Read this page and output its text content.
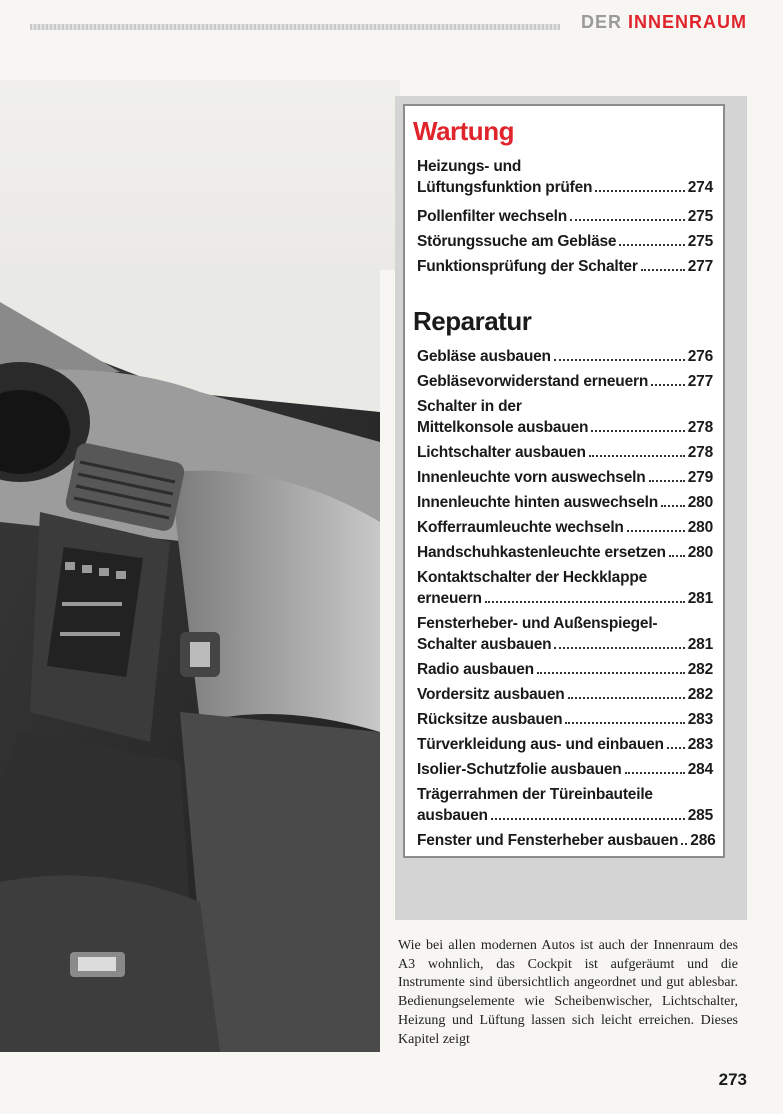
DER INNENRAUM
Wartung
Heizungs- und
Lüftungsfunktion prüfen	274
Pollenfilter wechseln	275
Störungssuche am Gebläse	275
Funktionsprüfung der Schalter	277
Reparatur
Gebläse ausbauen	276
Gebläsevorwiderstand erneuern	277
Schalter in der
Mittelkonsole ausbauen	278
Lichtschalter ausbauen	278
Innenleuchte vorn auswechseln	279
Innenleuchte hinten auswechseln 280
Kofferraumleuchte wechseln	280
Handschuhkastenleuchte ersetzen 280
Kontaktschalter der Heckklappe
erneuern	281
Fensterheber- und Außenspiegel-
Schalter ausbauen	281
Radio ausbauen	282
Vordersitz ausbauen	282
Rücksitze ausbauen	283
Türverkleidung aus- und einbauen 283
Isolier-Schutzfolie ausbauen	284
Trägerrahmen der Türeinbauteile
ausbauen	285
Fenster und Fensterheber ausbauen 286

Wie bei allen modernen Autos ist auch der Innenraum des A3 wohnlich, das Cockpit ist aufgeräumt und die Instrumente sind übersichtlich angeordnet und gut ablesbar. Bedienungselemente wie Scheibenwischer, Lichtschalter, Heizung und Lüftung lassen sich leicht erreichen. Dieses Kapitel zeigt

273
